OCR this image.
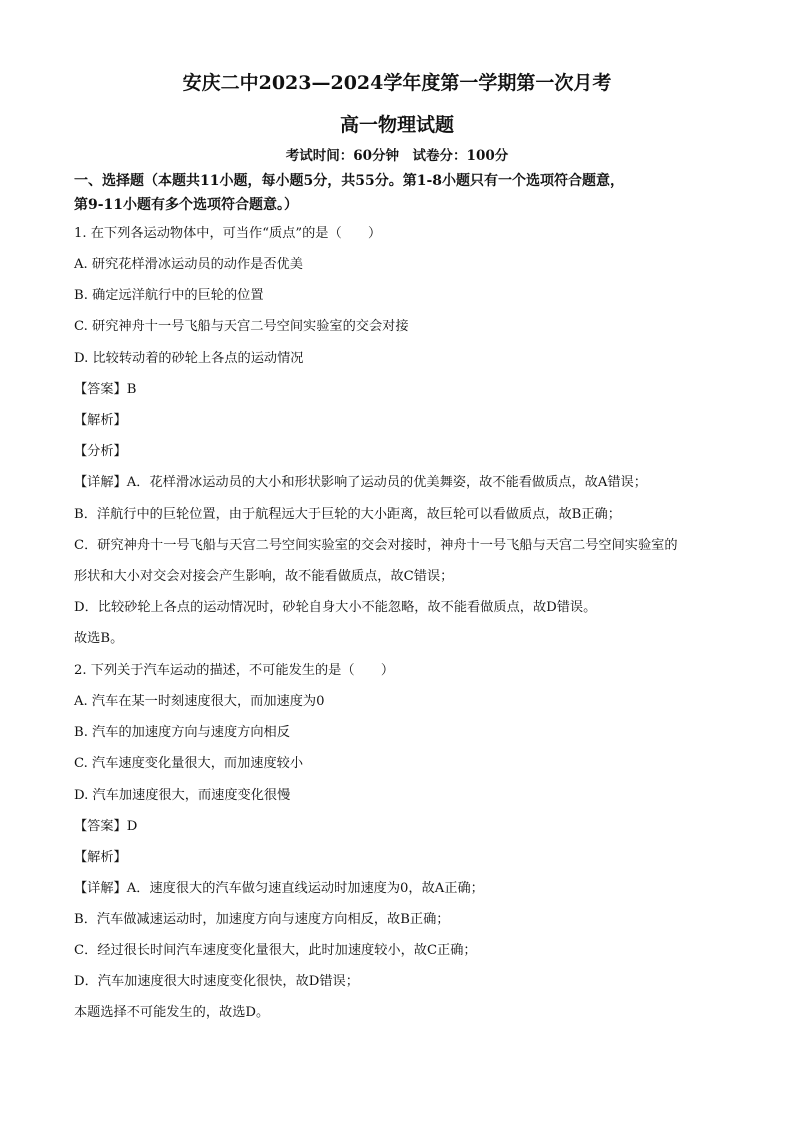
安庆二中2023—2024学年度第一学期第一次月考
高一物理试题
考试时间：60分钟　试卷分：100分
一、选择题（本题共11小题，每小题5分，共55分。第1-8小题只有一个选项符合题意，
第9-11小题有多个选项符合题意。）
1. 在下列各运动物体中，可当作“质点”的是（　　）
A. 研究花样滑冰运动员的动作是否优美
B. 确定远洋航行中的巨轮的位置
C. 研究神舟十一号飞船与天宫二号空间实验室的交会对接
D. 比较转动着的砂轮上各点的运动情况
【答案】B
【解析】
【分析】
【详解】A．花样滑冰运动员的大小和形状影响了运动员的优美舞姿，故不能看做质点，故A错误；
B．洋航行中的巨轮位置，由于航程远大于巨轮的大小距离，故巨轮可以看做质点，故B正确；
C．研究神舟十一号飞船与天宫二号空间实验室的交会对接时，神舟十一号飞船与天宫二号空间实验室的
形状和大小对交会对接会产生影响，故不能看做质点，故C错误；
D．比较砂轮上各点的运动情况时，砂轮自身大小不能忽略，故不能看做质点，故D错误。
故选B。
2. 下列关于汽车运动的描述，不可能发生的是（　　）
A. 汽车在某一时刻速度很大，而加速度为0
B. 汽车的加速度方向与速度方向相反
C. 汽车速度变化量很大，而加速度较小
D. 汽车加速度很大，而速度变化很慢
【答案】D
【解析】
【详解】A．速度很大的汽车做匀速直线运动时加速度为0，故A正确；
B．汽车做减速运动时，加速度方向与速度方向相反，故B正确；
C．经过很长时间汽车速度变化量很大，此时加速度较小，故C正确；
D．汽车加速度很大时速度变化很快，故D错误；
本题选择不可能发生的，故选D。
